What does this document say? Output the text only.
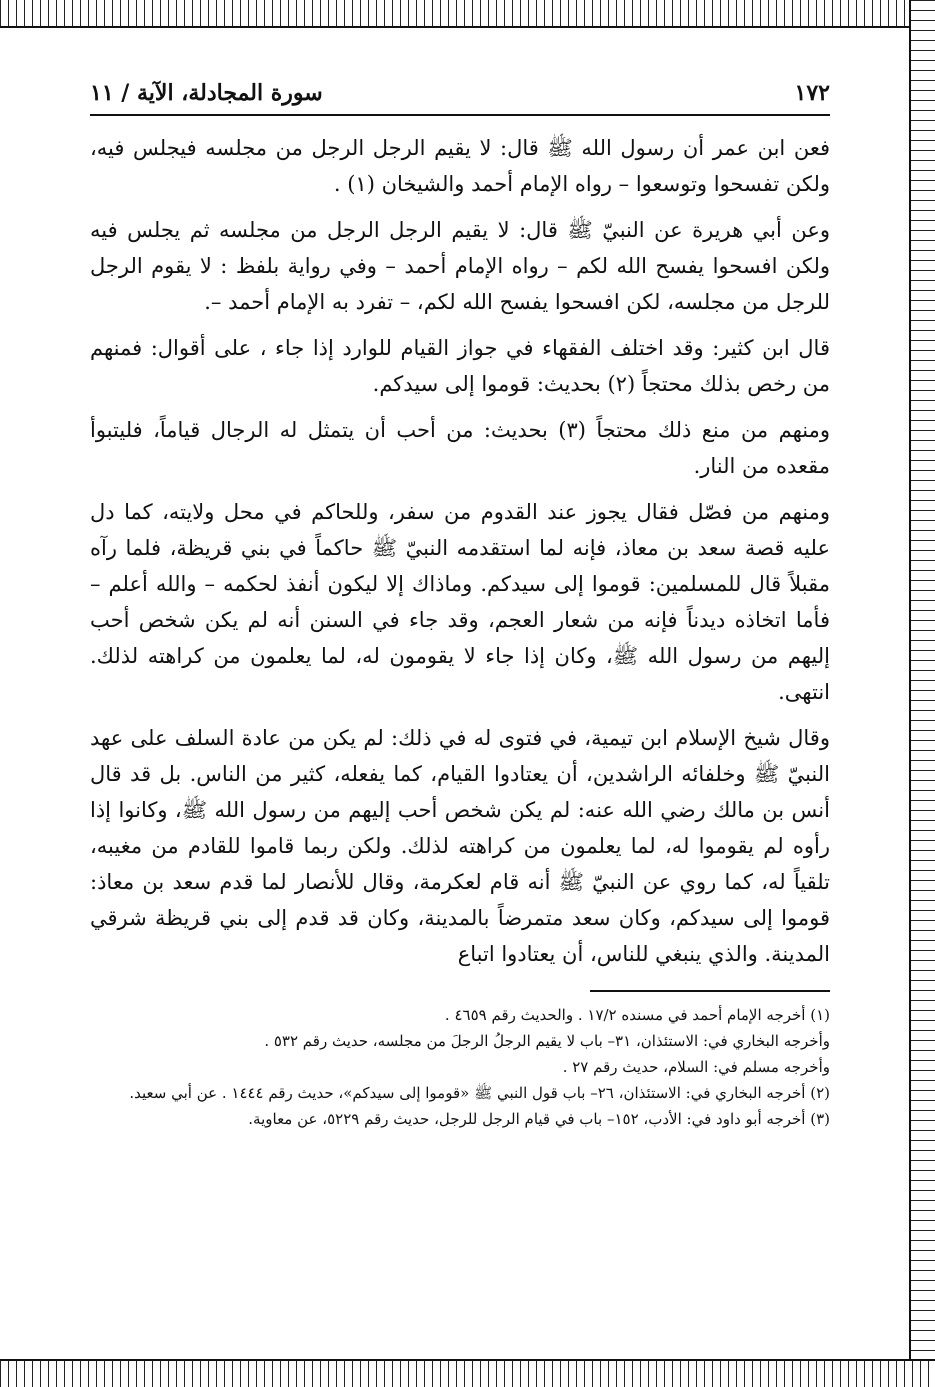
١٧٢
سورة المجادلة، الآية / ١١

فعن ابن عمر أن رسول الله ﷺ قال: لا يقيم الرجل الرجل من مجلسه فيجلس فيه، ولكن تفسحوا وتوسعوا – رواه الإمام أحمد والشيخان (١) .

وعن أبي هريرة عن النبيّ ﷺ قال: لا يقيم الرجل الرجل من مجلسه ثم يجلس فيه ولكن افسحوا يفسح الله لكم – رواه الإمام أحمد – وفي رواية بلفظ : لا يقوم الرجل للرجل من مجلسه، لكن افسحوا يفسح الله لكم، – تفرد به الإمام أحمد –.

قال ابن كثير: وقد اختلف الفقهاء في جواز القيام للوارد إذا جاء ، على أقوال: فمنهم من رخص بذلك محتجاً (٢) بحديث: قوموا إلى سيدكم.

ومنهم من منع ذلك محتجاً (٣) بحديث: من أحب أن يتمثل له الرجال قياماً، فليتبوأ مقعده من النار.

ومنهم من فصّل فقال يجوز عند القدوم من سفر، وللحاكم في محل ولايته، كما دل عليه قصة سعد بن معاذ، فإنه لما استقدمه النبيّ ﷺ حاكماً في بني قريظة، فلما رآه مقبلاً قال للمسلمين: قوموا إلى سيدكم. وماذاك إلا ليكون أنفذ لحكمه – والله أعلم – فأما اتخاذه ديدناً فإنه من شعار العجم، وقد جاء في السنن أنه لم يكن شخص أحب إليهم من رسول الله ﷺ، وكان إذا جاء لا يقومون له، لما يعلمون من كراهته لذلك. انتهى.

وقال شيخ الإسلام ابن تيمية، في فتوى له في ذلك: لم يكن من عادة السلف على عهد النبيّ ﷺ وخلفائه الراشدين، أن يعتادوا القيام، كما يفعله، كثير من الناس. بل قد قال أنس بن مالك رضي الله عنه: لم يكن شخص أحب إليهم من رسول الله ﷺ، وكانوا إذا رأوه لم يقوموا له، لما يعلمون من كراهته لذلك. ولكن ربما قاموا للقادم من مغيبه، تلقياً له، كما روي عن النبيّ ﷺ أنه قام لعكرمة، وقال للأنصار لما قدم سعد بن معاذ: قوموا إلى سيدكم، وكان سعد متمرضاً بالمدينة، وكان قد قدم إلى بني قريظة شرقي المدينة. والذي ينبغي للناس، أن يعتادوا اتباع

(١) أخرجه الإمام أحمد في مسنده ١٧/٢ . والحديث رقم ٤٦٥٩ .

وأخرجه البخاري في: الاستئذان، ٣١– باب لا يقيم الرجلُ الرجلَ من مجلسه، حديث رقم ٥٣٢ .

وأخرجه مسلم في: السلام، حديث رقم ٢٧ .

(٢) أخرجه البخاري في: الاستئذان، ٢٦– باب قول النبي ﷺ «قوموا إلى سيدكم»، حديث رقم ١٤٤٤ . عن أبي سعيد.

(٣) أخرجه أبو داود في: الأدب، ١٥٢– باب في قيام الرجل للرجل، حديث رقم ٥٢٢٩، عن معاوية.
